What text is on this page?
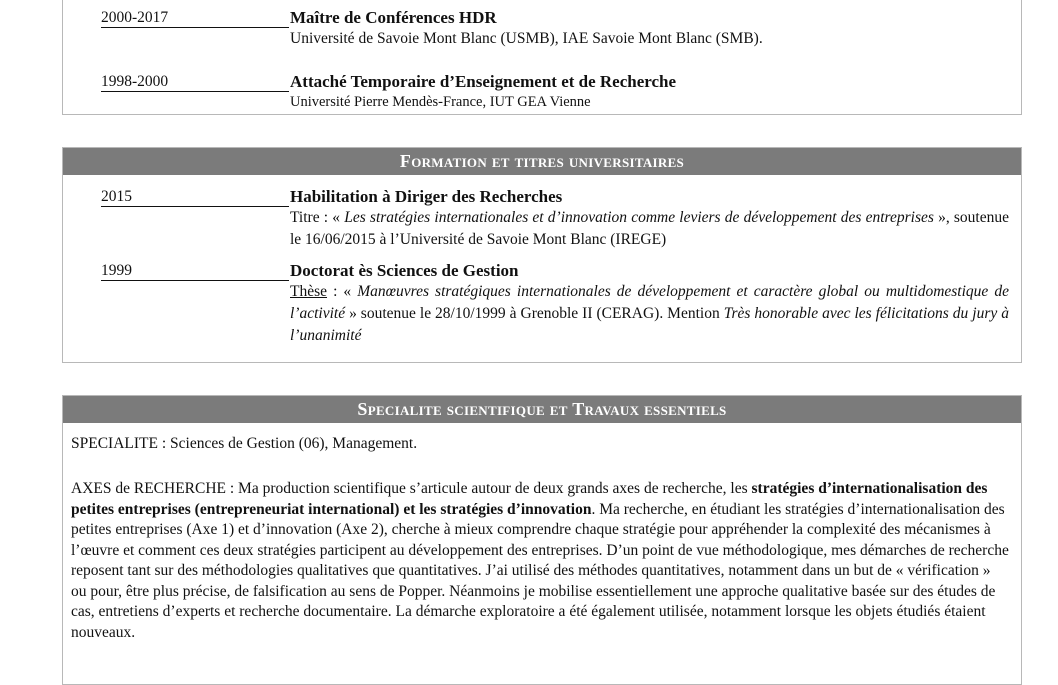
2000-2017	Maître de Conférences HDR
Université de Savoie Mont Blanc (USMB), IAE Savoie Mont Blanc (SMB).
1998-2000	Attaché Temporaire d’Enseignement et de Recherche
Université Pierre Mendès-France, IUT GEA Vienne
Formation et titres universitaires
2015	Habilitation à Diriger des Recherches
Titre : « Les stratégies internationales et d’innovation comme leviers de développement des entreprises », soutenue le 16/06/2015 à l’Université de Savoie Mont Blanc (IREGE)
1999	Doctorat ès Sciences de Gestion
Thèse : « Manœuvres stratégiques internationales de développement et caractère global ou multidomestique de l’activité » soutenue le 28/10/1999 à Grenoble II (CERAG). Mention Très honorable avec les félicitations du jury à l’unanimité
Specialite scientifique et Travaux essentiels
SPECIALITE : Sciences de Gestion (06), Management.
AXES de RECHERCHE : Ma production scientifique s’articule autour de deux grands axes de recherche, les stratégies d’internationalisation des petites entreprises (entrepreneuriat international) et les stratégies d’innovation. Ma recherche, en étudiant les stratégies d’internationalisation des petites entreprises (Axe 1) et d’innovation (Axe 2), cherche à mieux comprendre chaque stratégie pour appréhender la complexité des mécanismes à l’œuvre et comment ces deux stratégies participent au développement des entreprises. D’un point de vue méthodologique, mes démarches de recherche reposent tant sur des méthodologies qualitatives que quantitatives. J’ai utilisé des méthodes quantitatives, notamment dans un but de « vérification » ou pour, être plus précise, de falsification au sens de Popper. Néanmoins je mobilise essentiellement une approche qualitative basée sur des études de cas, entretiens d’experts et recherche documentaire. La démarche exploratoire a été également utilisée, notamment lorsque les objets étudiés étaient nouveaux.
